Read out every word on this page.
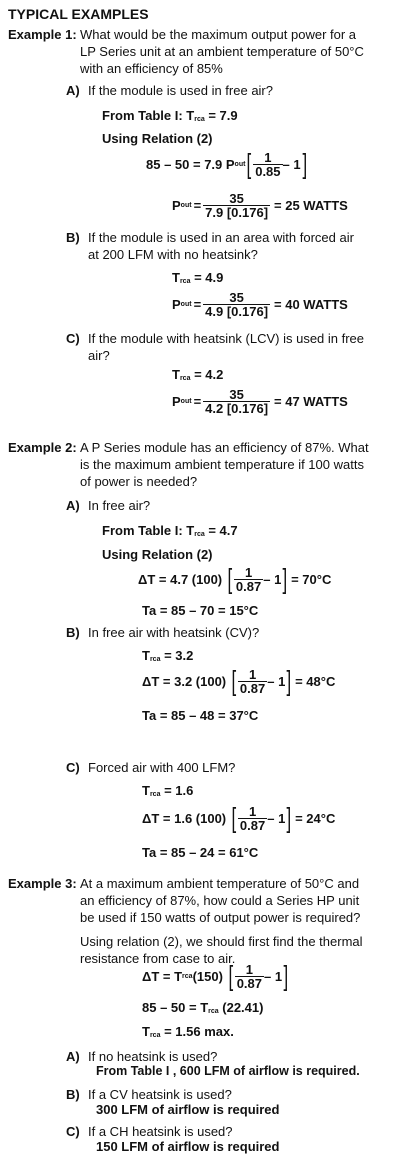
TYPICAL EXAMPLES
Example 1: What would be the maximum output power for a
LP Series unit at an ambient temperature of 50°C
with an efficiency of 85%
A) If the module is used in free air?
From Table I: $T_{rca} = 7.9$
Using Relation (2)
85 – 50 = 7.9 P out [ $\frac{1}{0.85} - 1$ ]
P out = $\frac{35}{7.9 [0.176]} = 25$ WATTS
B) If the module is used in an area with forced air
at 200 LFM with no heatsink?
$T_{rca} = 4.9$
P out = $\frac{35}{4.9 [0.176]} = 40$ WATTS
C) If the module with heatsink (LCV) is used in free
air?
$T_{rca} = 4.2$
P out = $\frac{35}{4.2 [0.176]} = 47$ WATTS
Example 2: A P Series module has an efficiency of 87%. What
is the maximum ambient temperature if 100 watts
of power is needed?
A) In free air?
From Table I: $T_{rca} = 4.7$
Using Relation (2)
ΔT = 4.7 (100) [ $\frac{1}{0.87} - 1$ ] = 70°C
Ta = 85 – 70 = 15°C
B) In free air with heatsink (CV)?
$T_{rca} = 3.2$
ΔT = 3.2 (100) [ $\frac{1}{0.87} - 1$ ] = 48°C
Ta = 85 – 48 = 37°C
C) Forced air with 400 LFM?
$T_{rca} = 1.6$
ΔT = 1.6 (100) [ $\frac{1}{0.87} - 1$ ] = 24°C
Ta = 85 – 24 = 61°C
Example 3: At a maximum ambient temperature of 50°C and
an efficiency of 87%, how could a Series HP unit
be used if 150 watts of output power is required?
Using relation (2), we should first find the thermal
resistance from case to air.
ΔT = T rca (150) [ $\frac{1}{0.87} - 1$ ]
$85 - 50 = T_{rca}$ (22.41)
$T_{rca} = 1.56$ max.
A) If no heatsink is used?
From Table I , 600 LFM of airflow is required.
B) If a CV heatsink is used?
300 LFM of airflow is required
C) If a CH heatsink is used?
150 LFM of airflow is required
